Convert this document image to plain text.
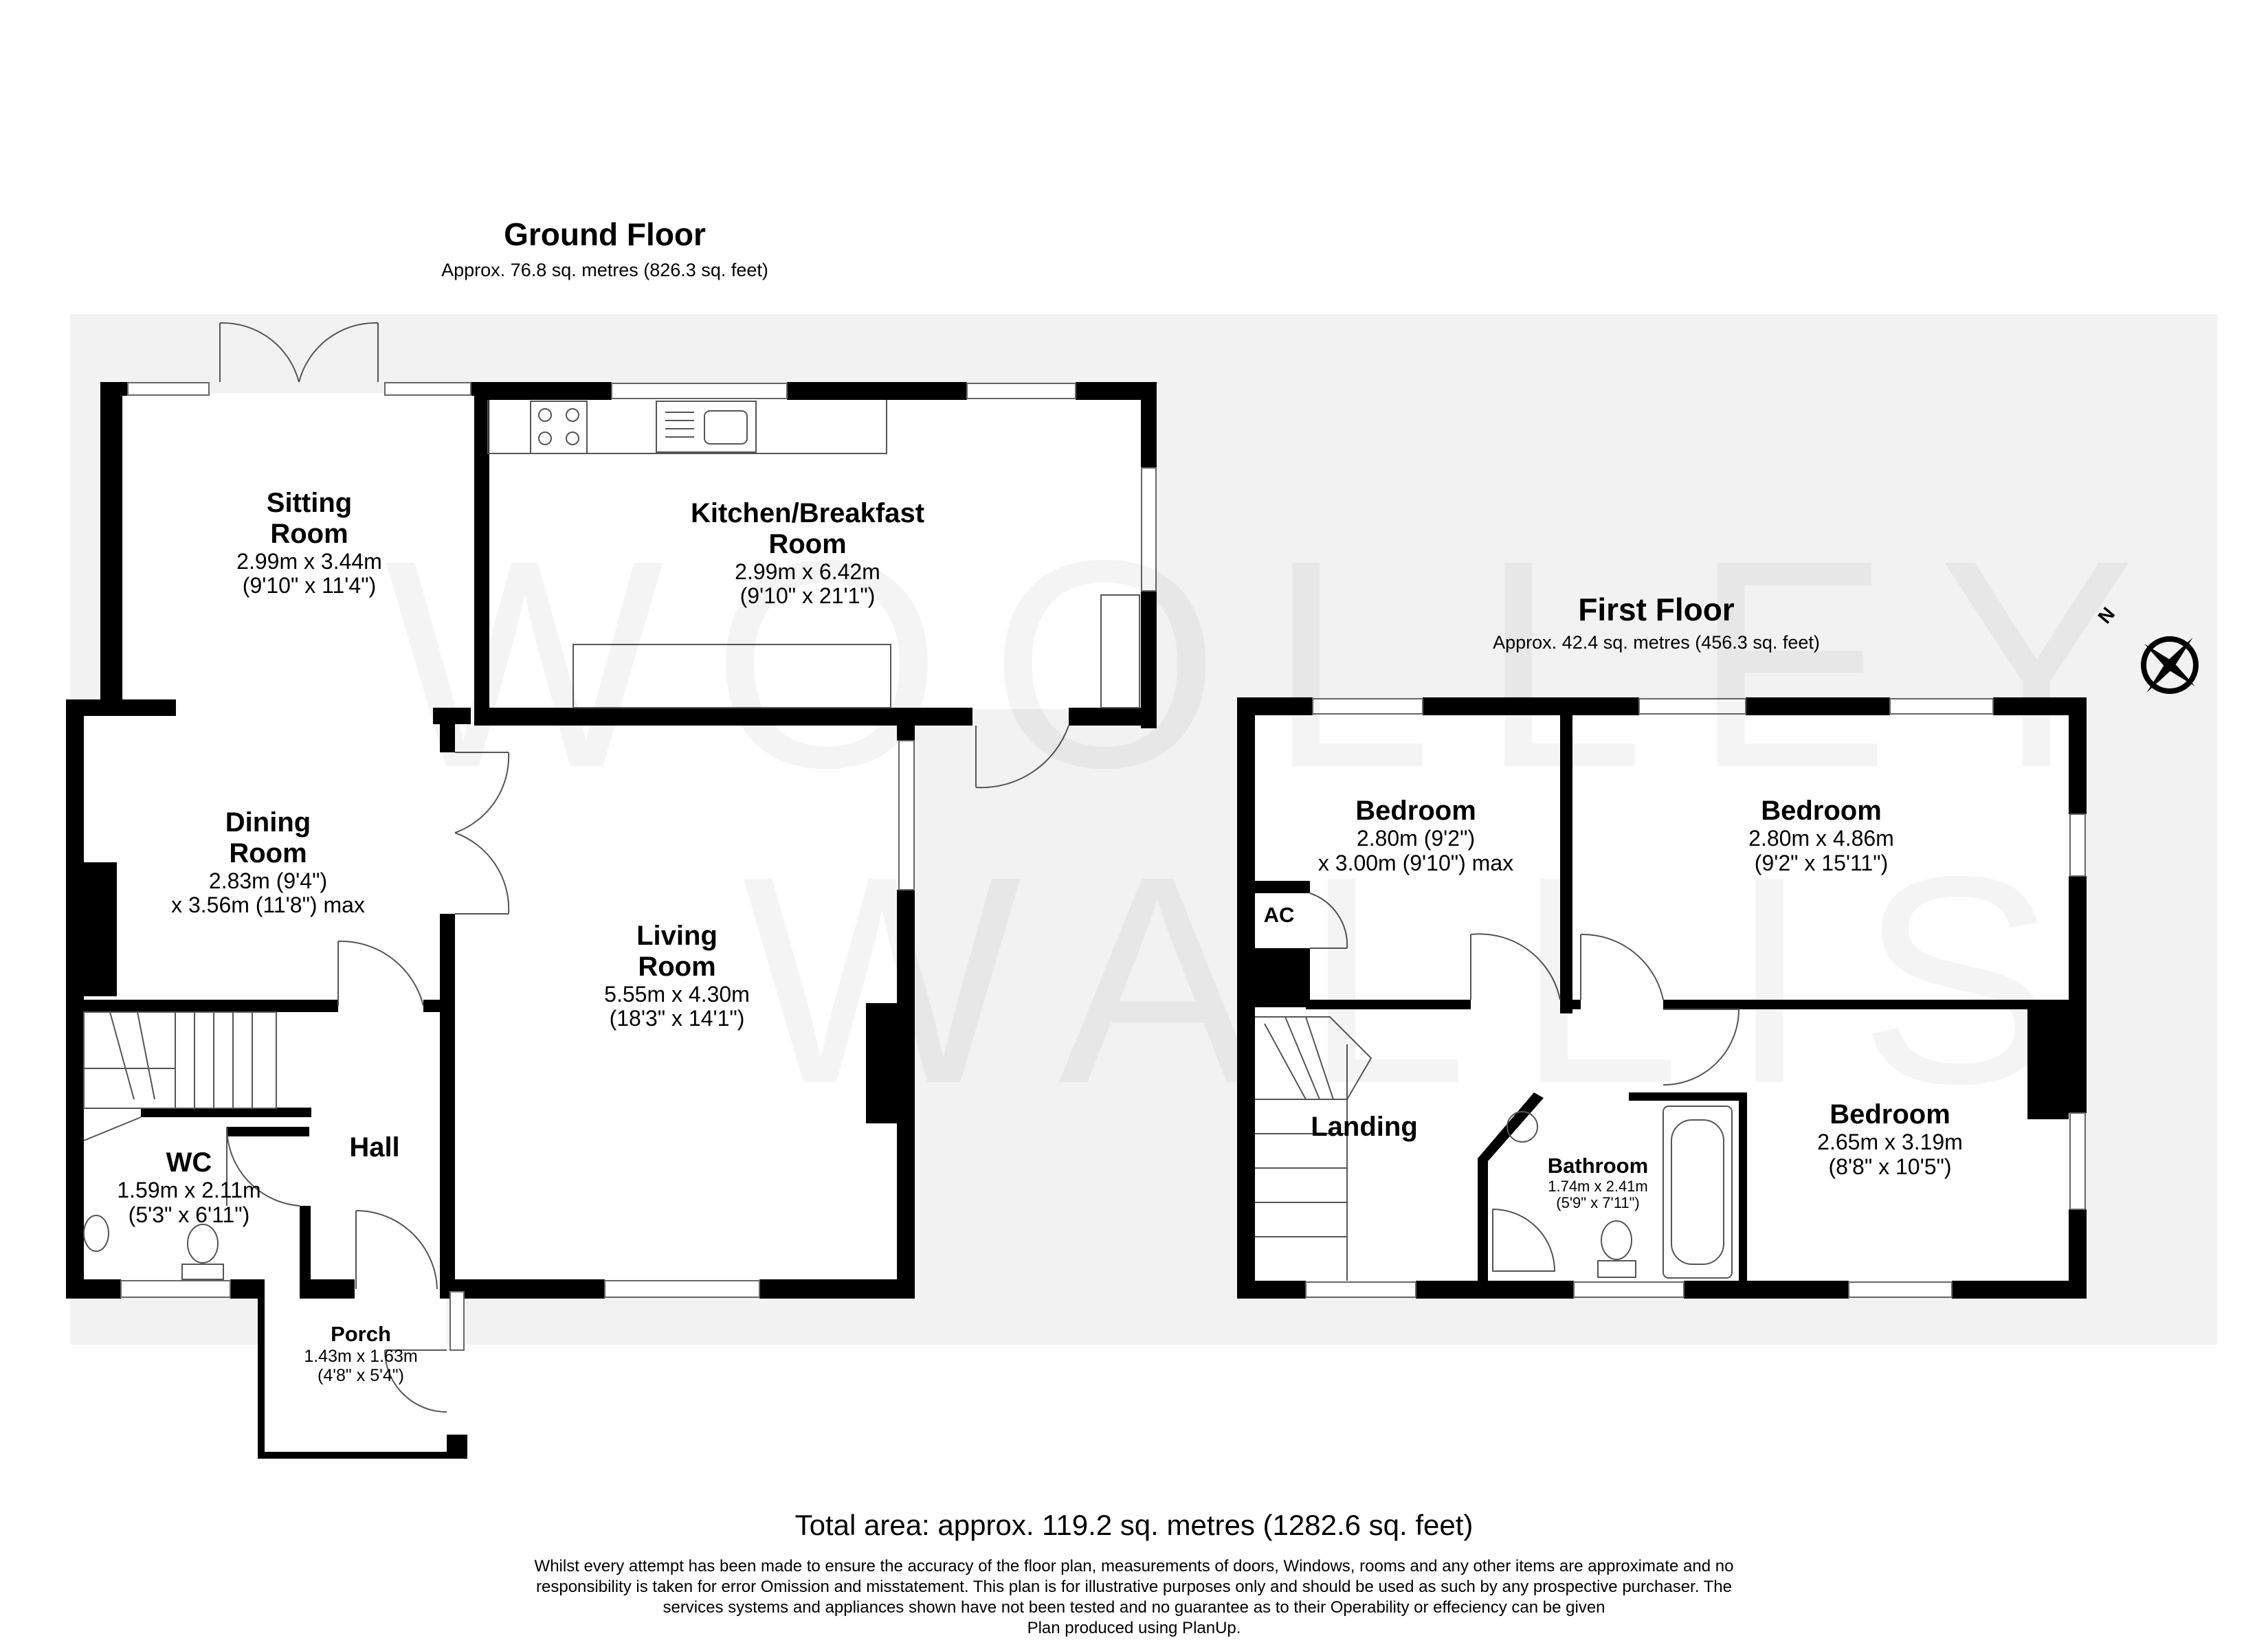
Ground Floor
Approx. 76.8 sq. metres (826.3 sq. feet)
First Floor
Approx. 42.4 sq. metres (456.3 sq. feet)
Sitting
Room
2.99m x 3.44m
(9'10" x 11'4")
Kitchen/Breakfast
Room
2.99m x 6.42m
(9'10" x 21'1")
Dining
Room
2.83m (9'4")
x 3.56m (11'8") max
Living
Room
5.55m x 4.30m
(18'3" x 14'1")
WC
1.59m x 2.11m
(5'3" x 6'11")
Hall
Porch
1.43m x 1.63m
(4'8" x 5'4")
Bedroom
2.80m (9'2")
x 3.00m (9'10") max
Bedroom
2.80m x 4.86m
(9'2" x 15'11")
Bedroom
2.65m x 3.19m
(8'8" x 10'5")
AC
Landing
Bathroom
1.74m x 2.41m
(5'9" x 7'11")
N
Total area: approx. 119.2 sq. metres (1282.6 sq. feet)
Whilst every attempt has been made to ensure the accuracy of the floor plan, measurements of doors, Windows, rooms and any other items are approximate and no
responsibility is taken for error Omission and misstatement. This plan is for illustrative purposes only and should be used as such by any prospective purchaser. The
services systems and appliances shown have not been tested and no guarantee as to their Operability or effeciency can be given
Plan produced using PlanUp.
